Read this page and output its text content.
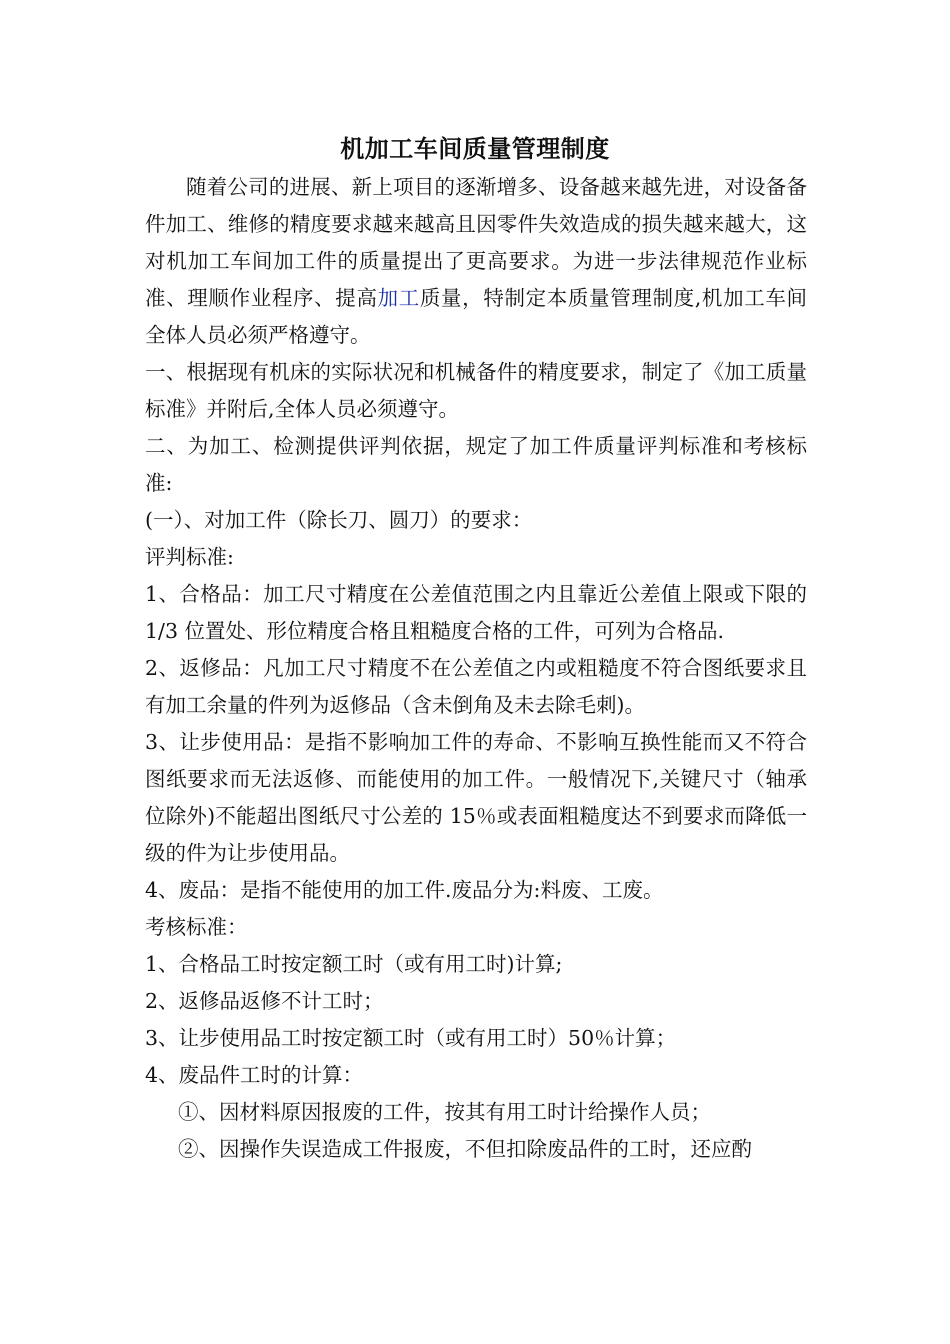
机加工车间质量管理制度

随着公司的进展、新上项目的逐渐增多、设备越来越先进，对设备备件加工、维修的精度要求越来越高且因零件失效造成的损失越来越大，这对机加工车间加工件的质量提出了更高要求。为进一步法律规范作业标准、理顺作业程序、提高加工质量，特制定本质量管理制度,机加工车间全体人员必须严格遵守。

一、根据现有机床的实际状况和机械备件的精度要求，制定了《加工质量标准》并附后,全体人员必须遵守。

二、为加工、检测提供评判依据，规定了加工件质量评判标准和考核标准:

(一）、对加工件（除长刀、圆刀）的要求：

评判标准:

1、合格品：加工尺寸精度在公差值范围之内且靠近公差值上限或下限的 1/3 位置处、形位精度合格且粗糙度合格的工件，可列为合格品.

2、返修品：凡加工尺寸精度不在公差值之内或粗糙度不符合图纸要求且有加工余量的件列为返修品（含未倒角及未去除毛刺)。

3、让步使用品：是指不影响加工件的寿命、不影响互换性能而又不符合图纸要求而无法返修、而能使用的加工件。一般情况下,关键尺寸（轴承位除外)不能超出图纸尺寸公差的 15％或表面粗糙度达不到要求而降低一级的件为让步使用品。

4、废品：是指不能使用的加工件.废品分为:料废、工废。

考核标准：

1、合格品工时按定额工时（或有用工时)计算;

2、返修品返修不计工时；

3、让步使用品工时按定额工时（或有用工时）50％计算；

4、废品件工时的计算：

①、因材料原因报废的工件，按其有用工时计给操作人员；

②、因操作失误造成工件报废，不但扣除废品件的工时，还应酌
